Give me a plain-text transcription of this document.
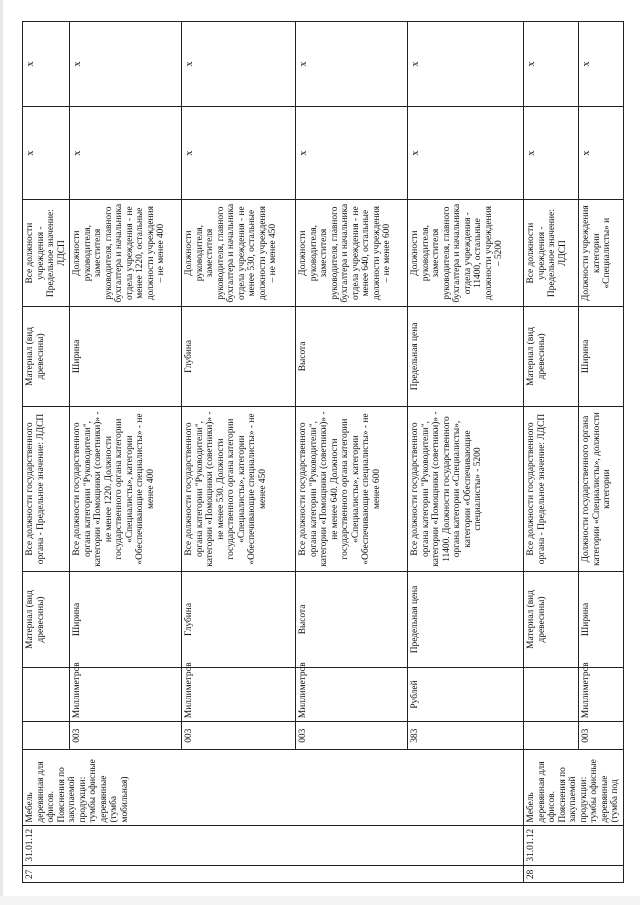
27	31.01.12	Мебель деревянная для офисов. Пояснения по закупаемой продукции: тумбы офисные деревянные (тумба мобильная)			Материал (вид древесины)	Все должности государственного органа - Предельное значение: ЛДСП	Материал (вид древесины)	Все должности учреждения - Предельное значение: ЛДСП	х	х
			003	Миллиметров	Ширина	Все должности государственного органа категории "Руководители", категории «Помощники (советники)» - не менее 1220. Должности государственного органа категории «Специалисты», категории «Обеспечивающие специалисты» - не менее 400	Ширина	Должности руководителя, заместителя руководителя, главного бухгалтера и начальника отдела учреждения - не менее 1220, остальные должности учреждения – не менее 400	х	х
			003	Миллиметров	Глубина	Все должности государственного органа категории "Руководители", категории «Помощники (советники)» - не менее 530. Должности государственного органа категории «Специалисты», категории «Обеспечивающие специалисты» - не менее 450	Глубина	Должности руководителя, заместителя руководителя, главного бухгалтера и начальника отдела учреждения - не менее 530, остальные должности учреждения – не менее 450	х	х
			003	Миллиметров	Высота	Все должности государственного органа категории "Руководители", категории «Помощники (советники)» - не менее 640. Должности государственного органа категории «Специалисты», категории «Обеспечивающие специалисты» - не менее 600	Высота	Должности руководителя, заместителя руководителя, главного бухгалтера и начальника отдела учреждения - не менее 640, остальные должности учреждения – не менее 600	х	х
			383	Рублей	Предельная цена	Все должности государственного органа категории "Руководители", категории «Помощники (советники)» - 11400. Должности государственного органа категории «Специалисты», категории «Обеспечивающие специалисты» - 5200	Предельная цена	Должности руководителя, заместителя руководителя, главного бухгалтера и начальника отдела учреждения - 11400, остальные должности учреждения – 5200	х	х
28	31.01.12	Мебель деревянная для офисов. Пояснения по закупаемой продукции: тумбы офисные деревянные (тумба под			Материал (вид древесины)	Все должности государственного органа - Предельное значение: ЛДСП	Материал (вид древесины)	Все должности учреждения - Предельное значение: ЛДСП	х	х
			003	Миллиметров	Ширина	Должности государственного органа категории «Специалисты», должности категории	Ширина	Должности учреждения категории «Специалисты» и	х	х
